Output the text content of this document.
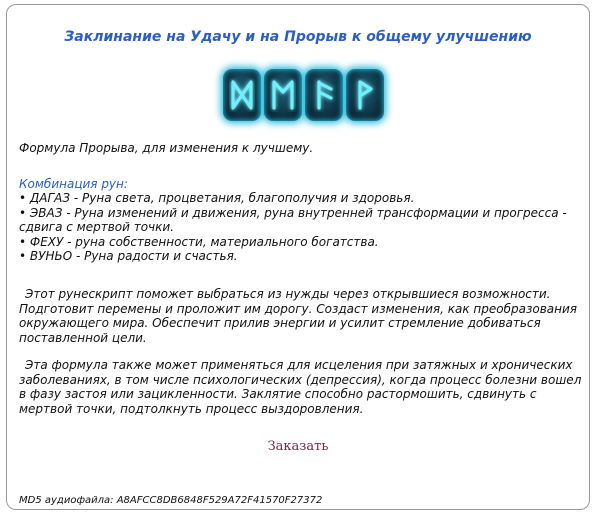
Заклинание на Удачу и на Прорыв к общему улучшению
Формула Прорыва, для изменения к лучшему.
Комбинация рун:
• ДАГАЗ - Руна света, процветания, благополучия и здоровья.
• ЭВАЗ - Руна изменений и движения, руна внутренней трансформации и прогресса - сдвига с мертвой точки.
• ФЕХУ - руна собственности, материального богатства.
• ВУНЬО - Руна радости и счастья.
Этот рунескрипт поможет выбраться из нужды через открывшиеся возможности. Подготовит перемены и проложит им дорогу. Создаст изменения, как преобразования окружающего мира. Обеспечит прилив энергии и усилит стремление добиваться поставленной цели.
Эта формула также может применяться для исцеления при затяжных и хронических заболеваниях, в том числе психологических (депрессия), когда процесс болезни вошел в фазу застоя или зацикленности. Заклятие способно растормошить, сдвинуть с мертвой точки, подтолкнуть процесс выздоровления.
Заказать
MD5 аудиофайла: A8AFCC8DB6848F529A72F41570F27372
